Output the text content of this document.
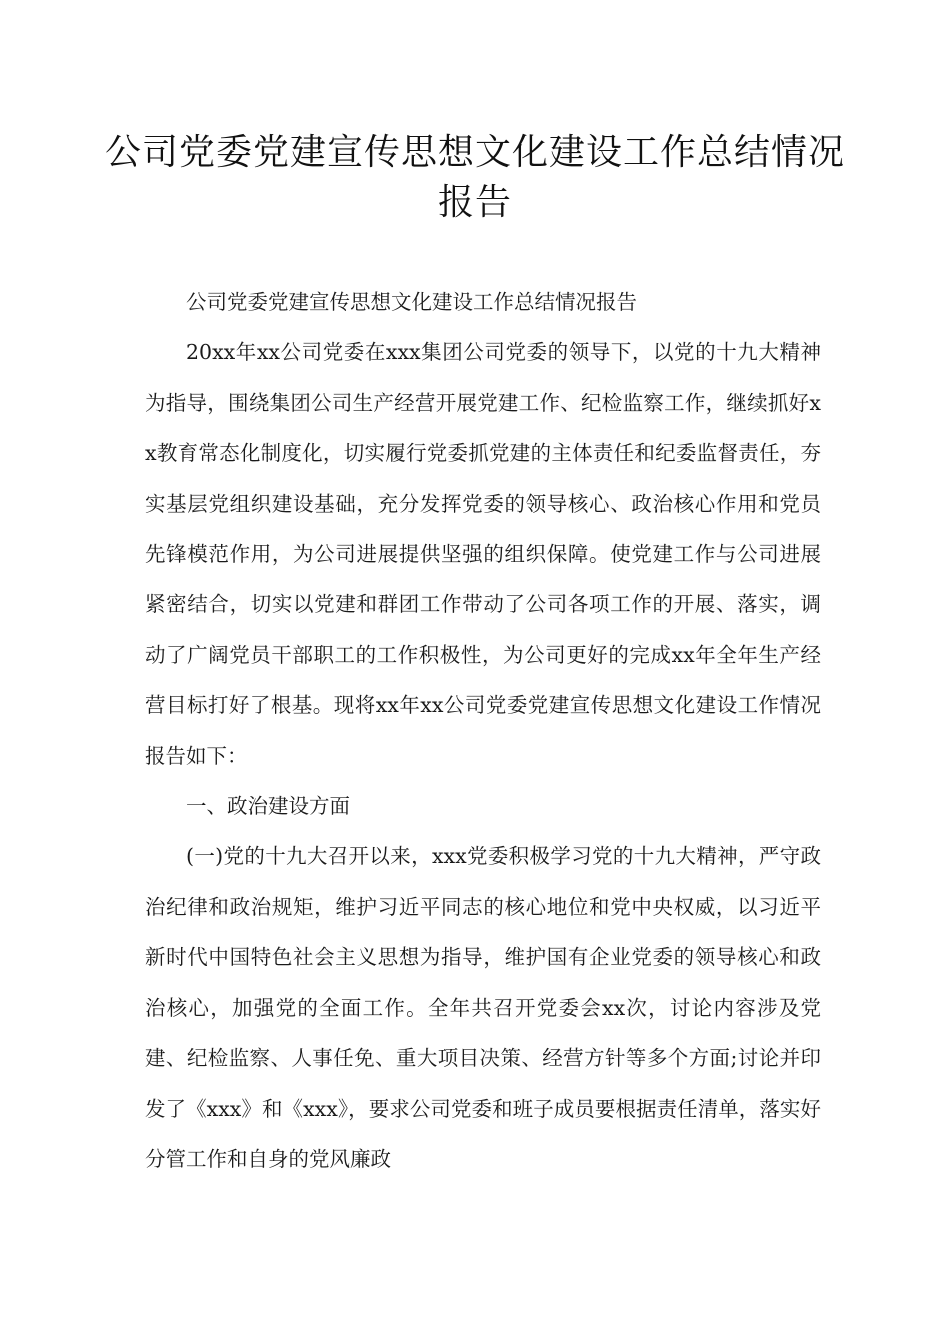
公司党委党建宣传思想文化建设工作总结情况报告

公司党委党建宣传思想文化建设工作总结情况报告

20xx年xx公司党委在xxx集团公司党委的领导下，以党的十九大精神为指导，围绕集团公司生产经营开展党建工作、纪检监察工作，继续抓好xx教育常态化制度化，切实履行党委抓党建的主体责任和纪委监督责任，夯实基层党组织建设基础，充分发挥党委的领导核心、政治核心作用和党员先锋模范作用，为公司进展提供坚强的组织保障。使党建工作与公司进展紧密结合，切实以党建和群团工作带动了公司各项工作的开展、落实，调动了广阔党员干部职工的工作积极性，为公司更好的完成xx年全年生产经营目标打好了根基。现将xx年xx公司党委党建宣传思想文化建设工作情况报告如下：

一、政治建设方面

(一)党的十九大召开以来，xxx党委积极学习党的十九大精神，严守政治纪律和政治规矩，维护习近平同志的核心地位和党中央权威，以习近平新时代中国特色社会主义思想为指导，维护国有企业党委的领导核心和政治核心，加强党的全面工作。全年共召开党委会xx次，讨论内容涉及党建、纪检监察、人事任免、重大项目决策、经营方针等多个方面;讨论并印发了《xxx》和《xxx》，要求公司党委和班子成员要根据责任清单，落实好分管工作和自身的党风廉政
